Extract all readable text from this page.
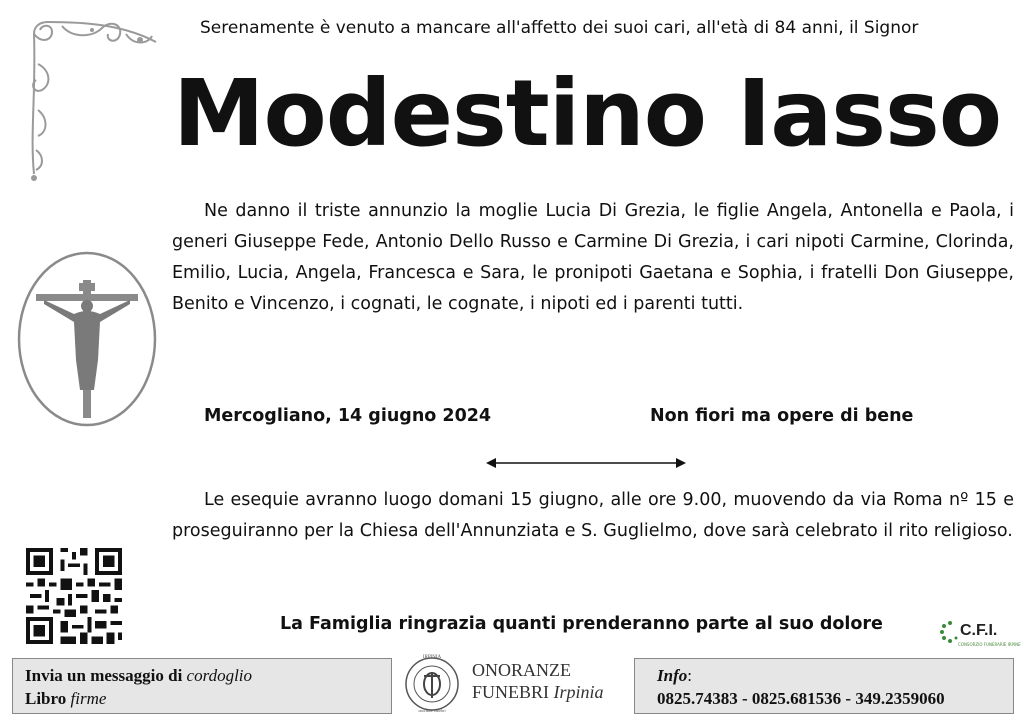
Serenamente è venuto a mancare all'affetto dei suoi cari, all'età di 84 anni, il Signor
Modestino Iasso
Ne danno il triste annunzio la moglie Lucia Di Grezia, le figlie Angela, Antonella e Paola, i generi Giuseppe Fede, Antonio Dello Russo e Carmine Di Grezia, i cari nipoti Carmine, Clorinda, Emilio, Lucia, Angela, Francesca e Sara, le pronipoti Gaetana e Sophia, i fratelli Don Giuseppe, Benito e Vincenzo, i cognati, le cognate, i nipoti ed i parenti tutti.
Mercogliano, 14 giugno 2024	Non fiori ma opere di bene
Le esequie avranno luogo domani 15 giugno, alle ore 9.00, muovendo da via Roma nº 15 e proseguiranno per la Chiesa dell'Annunziata e S. Guglielmo, dove sarà celebrato il rito religioso.
La Famiglia ringrazia quanti prenderanno parte al suo dolore	C.F.I.
CONSORZIO FUNERARIE IRPINE
Invia un messaggio di cordoglio
Libro firme
IRPINIA
onoranze funebri
ONORANZE
FUNEBRI Irpinia
Info:
0825.74383 - 0825.681536 - 349.2359060
